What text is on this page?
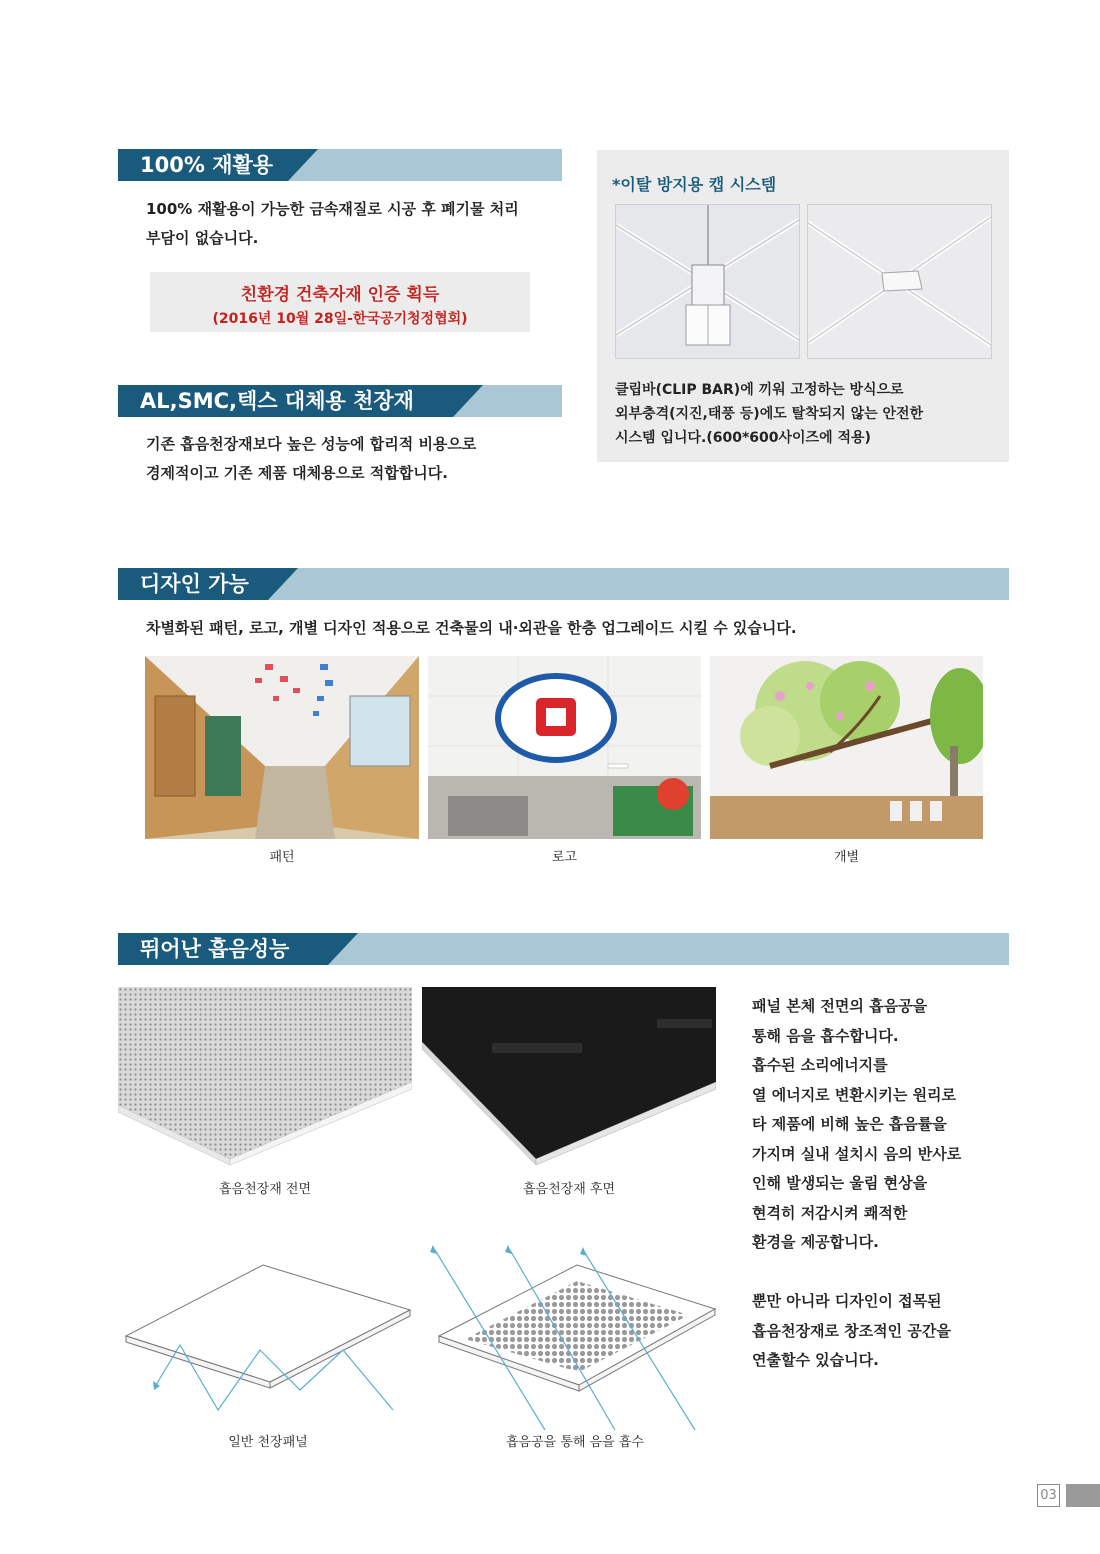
100% 재활용
100% 재활용이 가능한 금속재질로 시공 후 폐기물 처리
부담이 없습니다.
친환경 건축자재 인증 획득
(2016년 10월 28일-한국공기청정협회)
AL,SMC,텍스 대체용 천장재
기존 흡음천장재보다 높은 성능에 합리적 비용으로
경제적이고 기존 제품 대체용으로 적합합니다.
*이탈 방지용 캡 시스템
클립바(CLIP BAR)에 끼워 고정하는 방식으로
외부충격(지진,태풍 등)에도 탈착되지 않는 안전한
시스템 입니다.(600*600사이즈에 적용)
디자인 가능
차별화된 패턴, 로고, 개별 디자인 적용으로 건축물의 내·외관을 한층 업그레이드 시킬 수 있습니다.
패턴	로고	개별
뛰어난 흡음성능
흡음천장재 전면	흡음천장재 후면
일반 천장패널	흡음공을 통해 음을 흡수
패널 본체 전면의 흡음공을
통해 음을 흡수합니다.
흡수된 소리에너지를
열 에너지로 변환시키는 원리로
타 제품에 비해 높은 흡음률을
가지며 실내 설치시 음의 반사로
인해 발생되는 울림 현상을
현격히 저감시켜 쾌적한
환경을 제공합니다.
뿐만 아니라 디자인이 접목된
흡음천장재로 창조적인 공간을
연출할수 있습니다.
03
